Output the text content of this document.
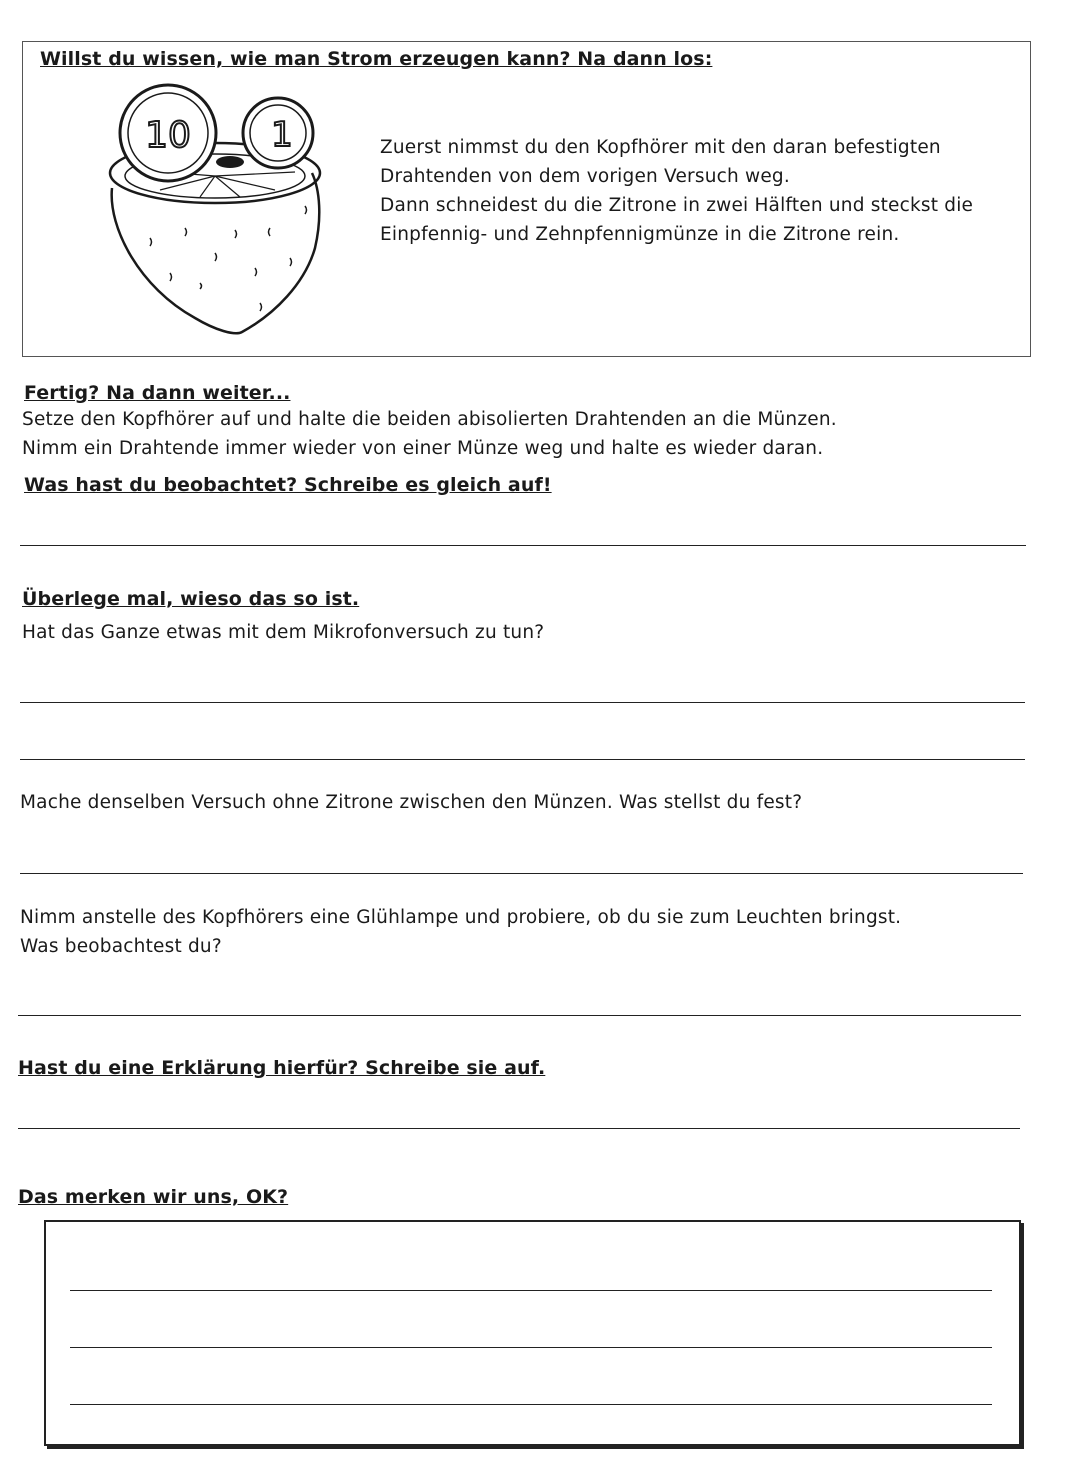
Willst du wissen, wie man Strom erzeugen kann? Na dann los:
10 1	Zuerst nimmst du den Kopfhörer mit den daran befestigten
Drahtenden von dem vorigen Versuch weg.
Dann schneidest du die Zitrone in zwei Hälften und steckst die
Einpfennig- und Zehnpfennigmünze in die Zitrone rein.
Fertig? Na dann weiter...
Setze den Kopfhörer auf und halte die beiden abisolierten Drahtenden an die Münzen.
Nimm ein Drahtende immer wieder von einer Münze weg und halte es wieder daran.
Was hast du beobachtet? Schreibe es gleich auf!
Überlege mal, wieso das so ist.
Hat das Ganze etwas mit dem Mikrofonversuch zu tun?
Mache denselben Versuch ohne Zitrone zwischen den Münzen. Was stellst du fest?
Nimm anstelle des Kopfhörers eine Glühlampe und probiere, ob du sie zum Leuchten bringst.
Was beobachtest du?
Hast du eine Erklärung hierfür? Schreibe sie auf.
Das merken wir uns, OK?
